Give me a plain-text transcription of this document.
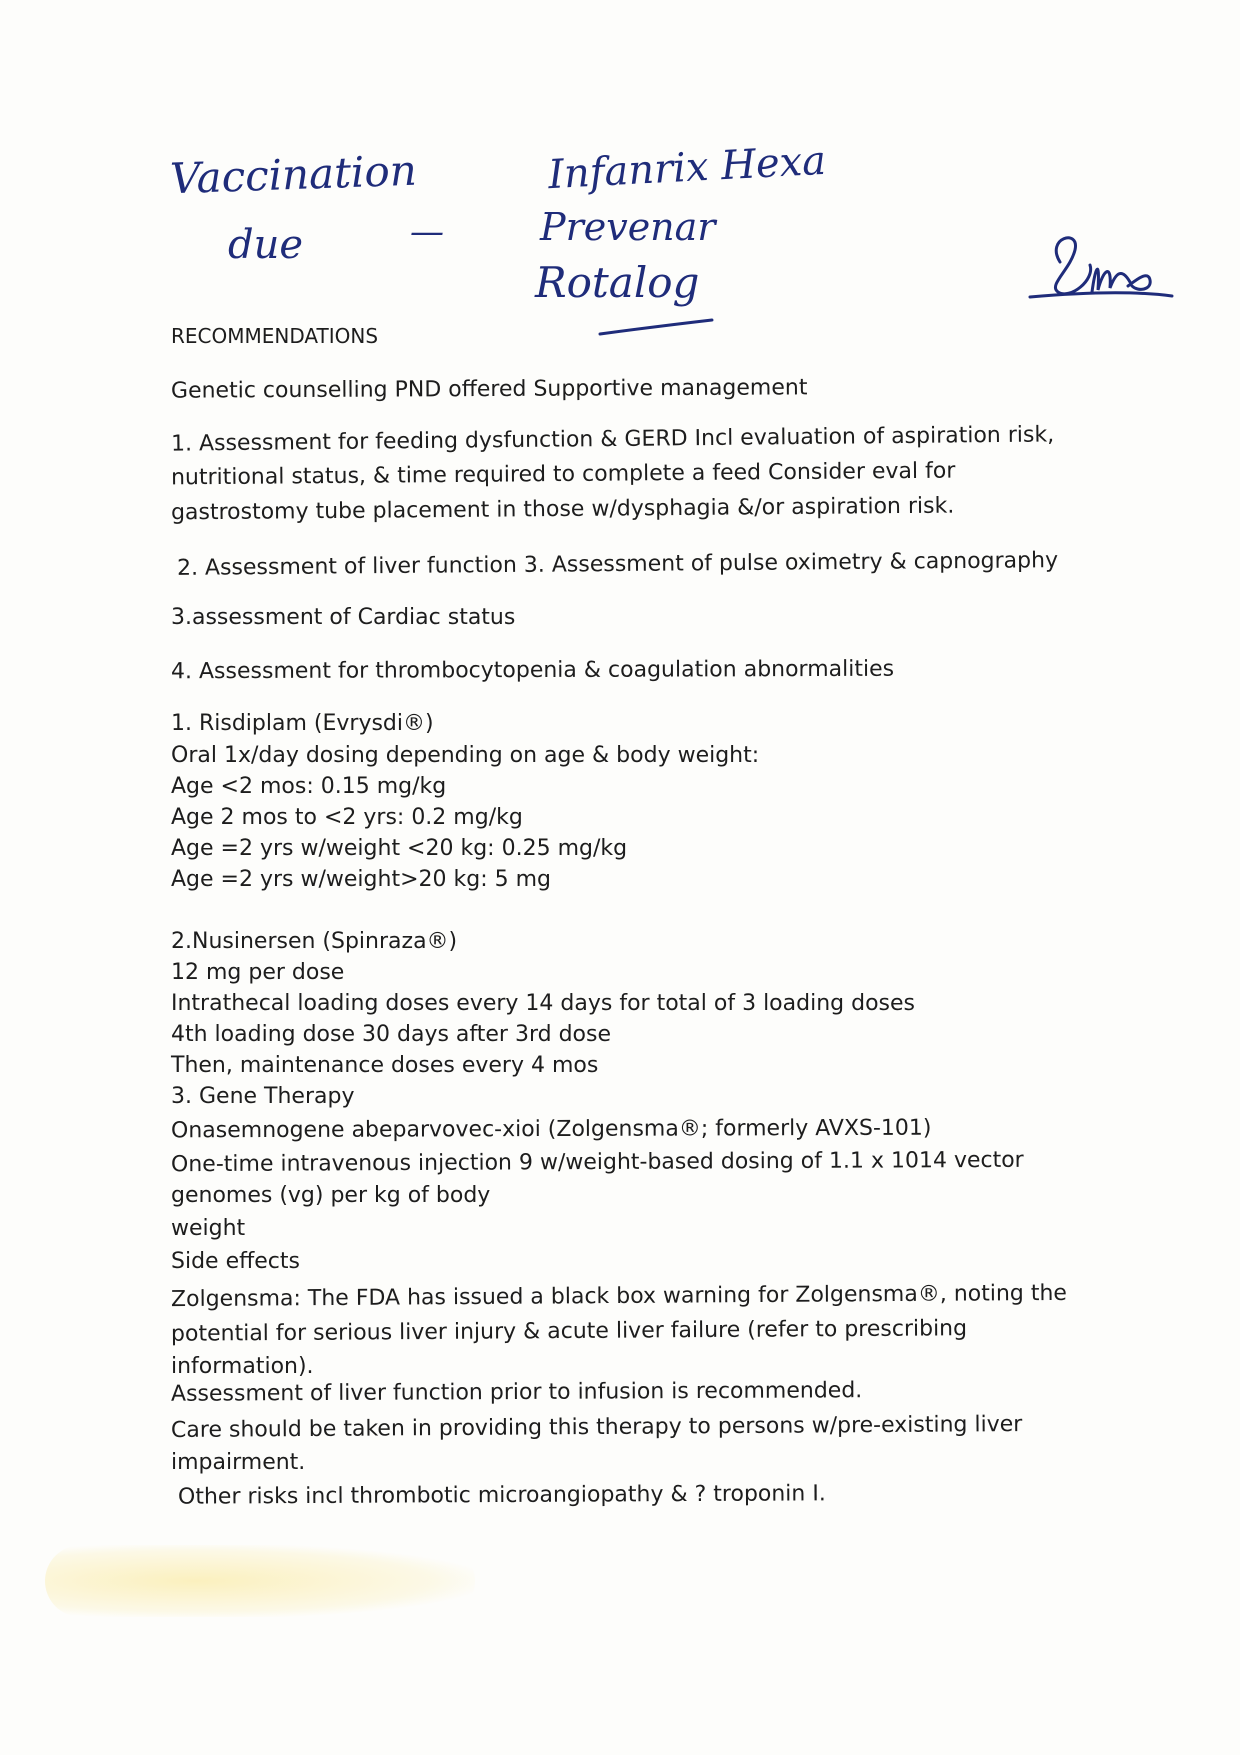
Vaccination
due	—
Infanrix Hexa
Prevenar
Rotalog
RECOMMENDATIONS
Genetic counselling PND offered Supportive management
1. Assessment for feeding dysfunction & GERD Incl evaluation of aspiration risk,
nutritional status, & time required to complete a feed Consider eval for
gastrostomy tube placement in those w/dysphagia &/or aspiration risk.
2. Assessment of liver function 3. Assessment of pulse oximetry & capnography
3.assessment of Cardiac status
4. Assessment for thrombocytopenia & coagulation abnormalities
1. Risdiplam (Evrysdi®)
Oral 1x/day dosing depending on age & body weight:
Age <2 mos: 0.15 mg/kg
Age 2 mos to <2 yrs: 0.2 mg/kg
Age =2 yrs w/weight <20 kg: 0.25 mg/kg
Age =2 yrs w/weight>20 kg: 5 mg
2.Nusinersen (Spinraza®)
12 mg per dose
Intrathecal loading doses every 14 days for total of 3 loading doses
4th loading dose 30 days after 3rd dose
Then, maintenance doses every 4 mos
3. Gene Therapy
Onasemnogene abeparvovec-xioi (Zolgensma®; formerly AVXS-101)
One-time intravenous injection 9 w/weight-based dosing of 1.1 x 1014 vector
genomes (vg) per kg of body
weight
Side effects
Zolgensma: The FDA has issued a black box warning for Zolgensma®, noting the
potential for serious liver injury & acute liver failure (refer to prescribing
information).
Assessment of liver function prior to infusion is recommended.
Care should be taken in providing this therapy to persons w/pre-existing liver
impairment.
Other risks incl thrombotic microangiopathy & ? troponin I.
